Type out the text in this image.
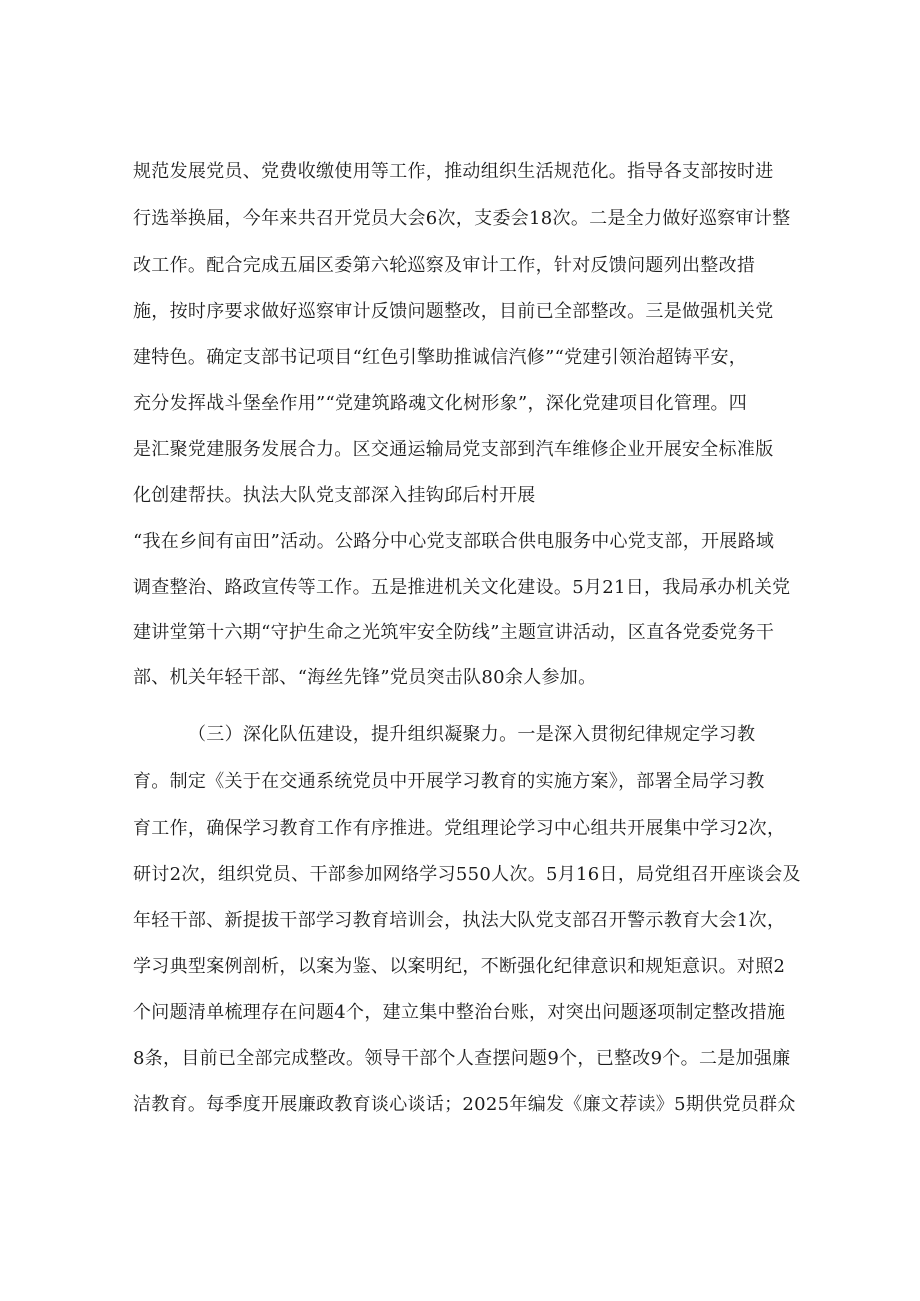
规范发展党员、党费收缴使用等工作，推动组织生活规范化。指导各支部按时进
行选举换届，今年来共召开党员大会6次，支委会18次。二是全力做好巡察审计整
改工作。配合完成五届区委第六轮巡察及审计工作，针对反馈问题列出整改措
施，按时序要求做好巡察审计反馈问题整改，目前已全部整改。三是做强机关党
建特色。确定支部书记项目“红色引擎助推诚信汽修”“党建引领治超铸平安，
充分发挥战斗堡垒作用”“党建筑路魂文化树形象”，深化党建项目化管理。四
是汇聚党建服务发展合力。区交通运输局党支部到汽车维修企业开展安全标准版
化创建帮扶。执法大队党支部深入挂钩邱后村开展
“我在乡间有亩田”活动。公路分中心党支部联合供电服务中心党支部，开展路域
调查整治、路政宣传等工作。五是推进机关文化建设。5月21日，我局承办机关党
建讲堂第十六期“守护生命之光筑牢安全防线”主题宣讲活动，区直各党委党务干
部、机关年轻干部、“海丝先锋”党员突击队80余人参加。
（三）深化队伍建设，提升组织凝聚力。一是深入贯彻纪律规定学习教
育。制定《关于在交通系统党员中开展学习教育的实施方案》，部署全局学习教
育工作，确保学习教育工作有序推进。党组理论学习中心组共开展集中学习2次，
研讨2次，组织党员、干部参加网络学习550人次。5月16日，局党组召开座谈会及
年轻干部、新提拔干部学习教育培训会，执法大队党支部召开警示教育大会1次，
学习典型案例剖析，以案为鉴、以案明纪，不断强化纪律意识和规矩意识。对照2
个问题清单梳理存在问题4个，建立集中整治台账，对突出问题逐项制定整改措施
8条，目前已全部完成整改。领导干部个人查摆问题9个，已整改9个。二是加强廉
洁教育。每季度开展廉政教育谈心谈话；2025年编发《廉文荐读》5期供党员群众
